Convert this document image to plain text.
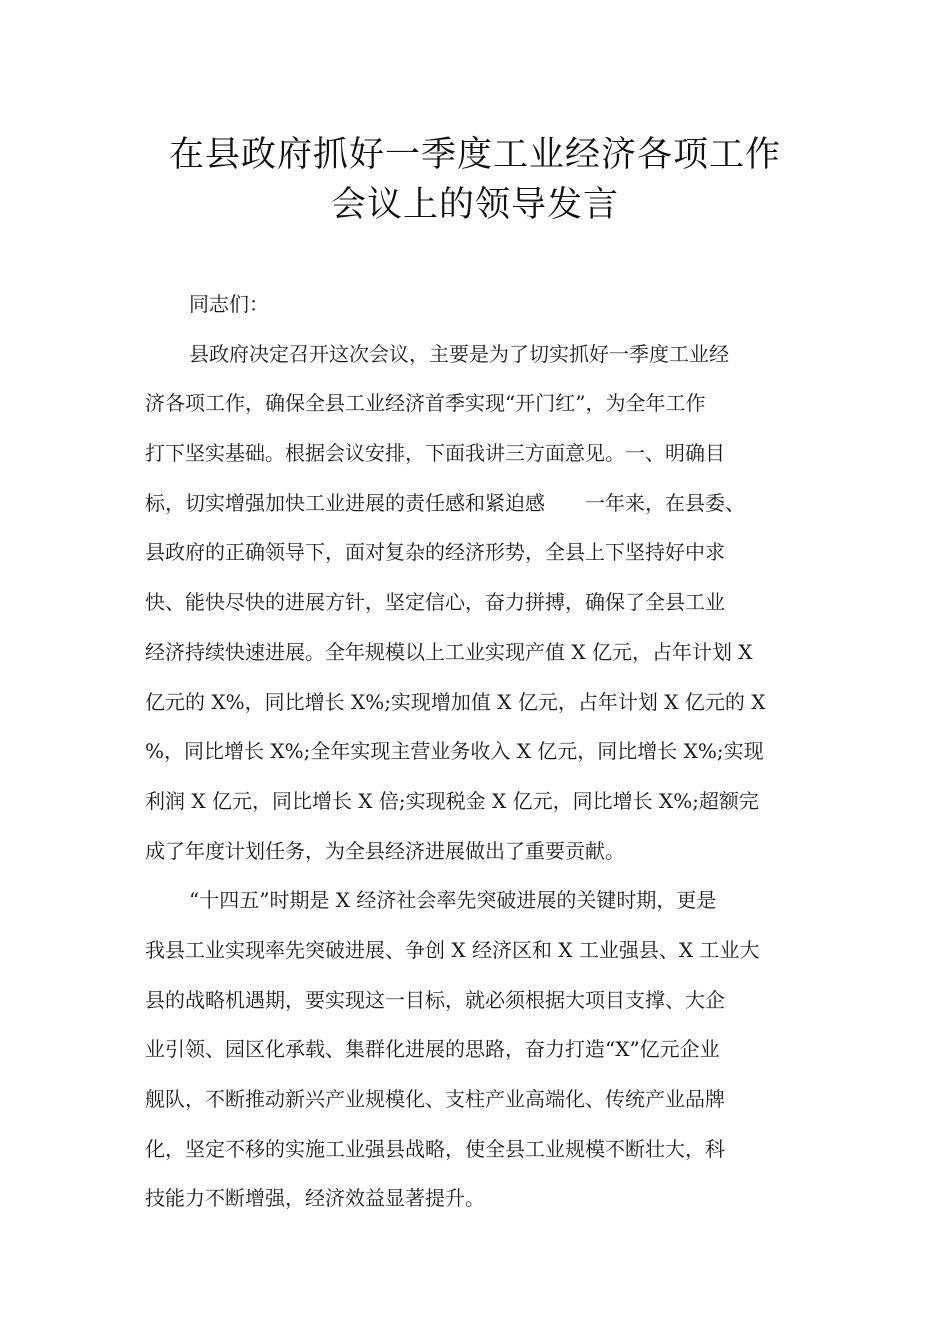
在县政府抓好一季度工业经济各项工作
会议上的领导发言
同志们：
县政府决定召开这次会议，主要是为了切实抓好一季度工业经
济各项工作，确保全县工业经济首季实现“开门红”，为全年工作
打下坚实基础。根据会议安排，下面我讲三方面意见。一、明确目
标，切实增强加快工业进展的责任感和紧迫感　　一年来，在县委、
县政府的正确领导下，面对复杂的经济形势，全县上下坚持好中求
快、能快尽快的进展方针，坚定信心，奋力拼搏，确保了全县工业
经济持续快速进展。全年规模以上工业实现产值 X 亿元，占年计划 X
亿元的 X%，同比增长 X%;实现增加值 X 亿元，占年计划 X 亿元的 X
%，同比增长 X%;全年实现主营业务收入 X 亿元，同比增长 X%;实现
利润 X 亿元，同比增长 X 倍;实现税金 X 亿元，同比增长 X%;超额完
成了年度计划任务，为全县经济进展做出了重要贡献。
“十四五”时期是 X 经济社会率先突破进展的关键时期，更是
我县工业实现率先突破进展、争创 X 经济区和 X 工业强县、X 工业大
县的战略机遇期，要实现这一目标，就必须根据大项目支撑、大企
业引领、园区化承载、集群化进展的思路，奋力打造“X”亿元企业
舰队，不断推动新兴产业规模化、支柱产业高端化、传统产业品牌
化，坚定不移的实施工业强县战略，使全县工业规模不断壮大，科
技能力不断增强，经济效益显著提升。
